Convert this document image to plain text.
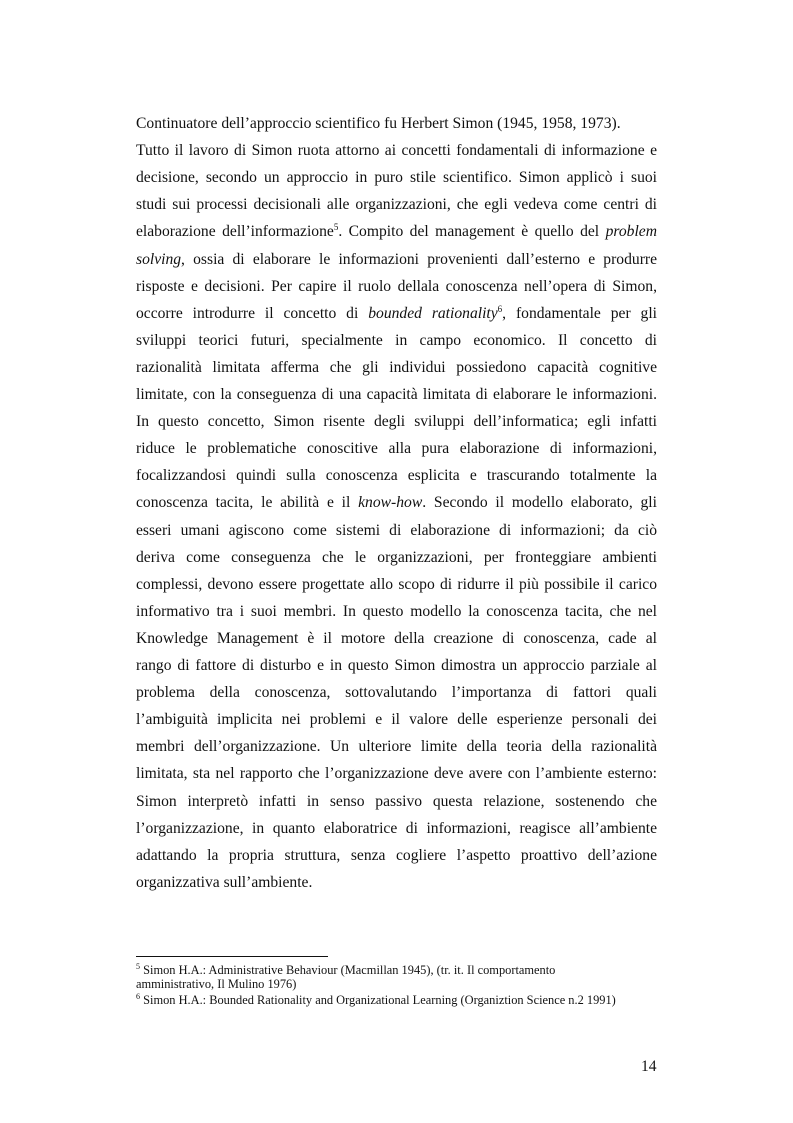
Continuatore dell’approccio scientifico fu Herbert Simon (1945, 1958, 1973).
Tutto il lavoro di Simon ruota attorno ai concetti fondamentali di informazione e
decisione, secondo un approccio in puro stile scientifico. Simon applicò i suoi
studi sui processi decisionali alle organizzazioni, che egli vedeva come centri di
elaborazione dell’informazione$^5$. Compito del management è quello del problem
solving, ossia di elaborare le informazioni provenienti dall’esterno e produrre
risposte e decisioni. Per capire il ruolo dellala conoscenza nell’opera di Simon,
occorre introdurre il concetto di bounded rationality$^6$, fondamentale per gli
sviluppi teorici futuri, specialmente in campo economico. Il concetto di
razionalità limitata afferma che gli individui possiedono capacità cognitive
limitate, con la conseguenza di una capacità limitata di elaborare le informazioni.
In questo concetto, Simon risente degli sviluppi dell’informatica; egli infatti
riduce le problematiche conoscitive alla pura elaborazione di informazioni,
focalizzandosi quindi sulla conoscenza esplicita e trascurando totalmente la
conoscenza tacita, le abilità e il know-how. Secondo il modello elaborato, gli
esseri umani agiscono come sistemi di elaborazione di informazioni; da ciò
deriva come conseguenza che le organizzazioni, per fronteggiare ambienti
complessi, devono essere progettate allo scopo di ridurre il più possibile il carico
informativo tra i suoi membri. In questo modello la conoscenza tacita, che nel
Knowledge Management è il motore della creazione di conoscenza, cade al
rango di fattore di disturbo e in questo Simon dimostra un approccio parziale al
problema della conoscenza, sottovalutando l’importanza di fattori quali
l’ambiguità implicita nei problemi e il valore delle esperienze personali dei
membri dell’organizzazione. Un ulteriore limite della teoria della razionalità
limitata, sta nel rapporto che l’organizzazione deve avere con l’ambiente esterno:
Simon interpretò infatti in senso passivo questa relazione, sostenendo che
l’organizzazione, in quanto elaboratrice di informazioni, reagisce all’ambiente
adattando la propria struttura, senza cogliere l’aspetto proattivo dell’azione
organizzativa sull’ambiente.
$^5$ Simon H.A.: Administrative Behaviour (Macmillan 1945), (tr. it. Il comportamento
amministrativo, Il Mulino 1976)
$^6$ Simon H.A.: Bounded Rationality and Organizational Learning (Organiztion Science n.2 1991)
14
